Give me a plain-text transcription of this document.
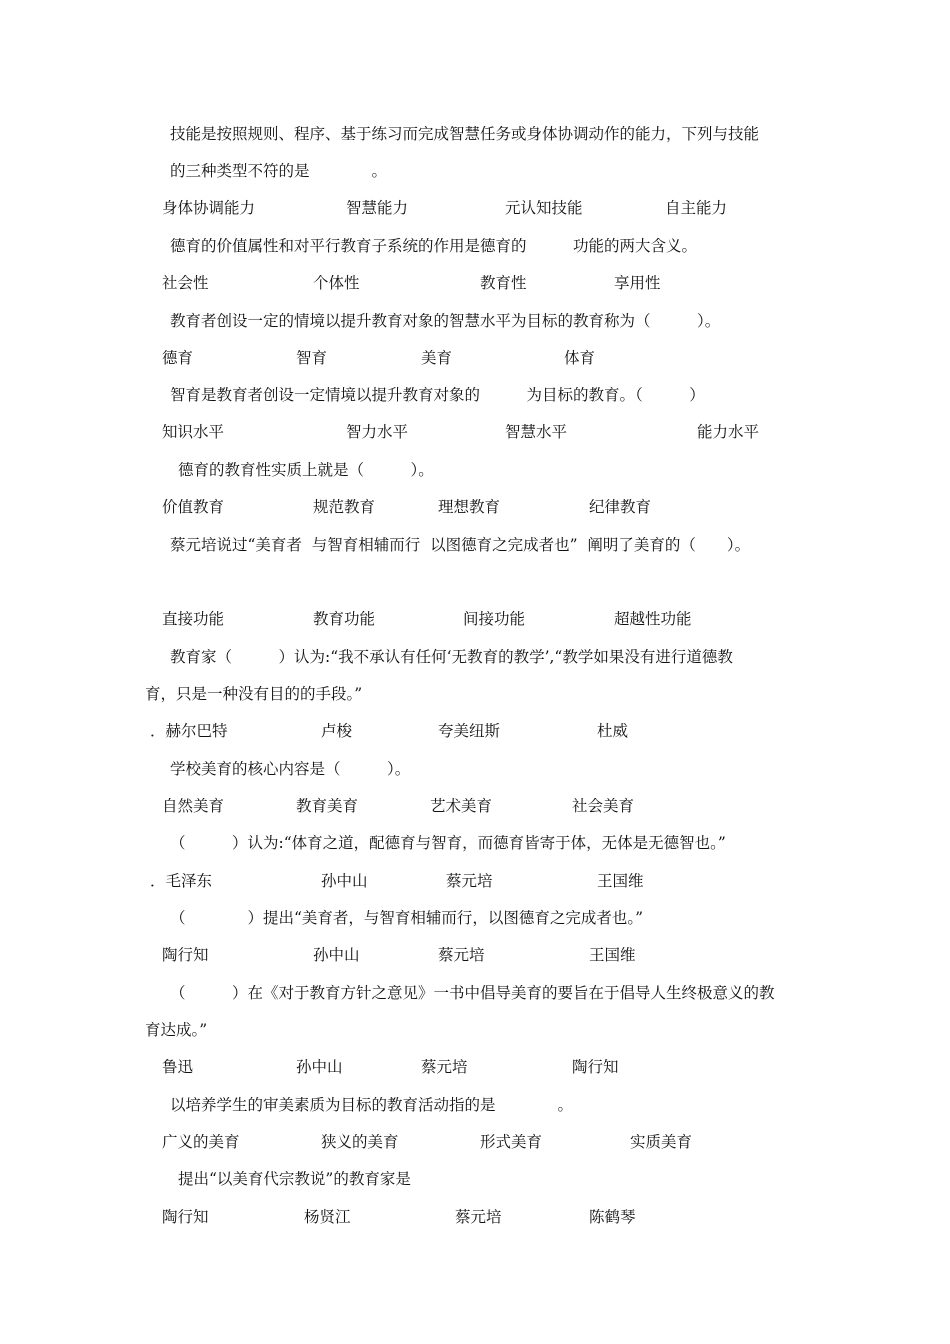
技能是按照规则、程序、基于练习而完成智慧任务或身体协调动作的能力，下列与技能
的三种类型不符的是　　　　。
身体协调能力	智慧能力	元认知技能	自主能力
德育的价值属性和对平行教育子系统的作用是德育的　　　功能的两大含义。
社会性	个体性	教育性	享用性
教育者创设一定的情境以提升教育对象的智慧水平为目标的教育称为（　　　）。
德育	智育	美育	体育
智育是教育者创设一定情境以提升教育对象的　　　为目标的教育。（　　　）
知识水平	智力水平	智慧水平	能力水平
德育的教育性实质上就是（　　　）。
价值教育	规范教育	理想教育	纪律教育
蔡元培说过“美育者  与智育相辅而行  以图德育之完成者也”  阐明了美育的（　　）。
直接功能	教育功能	间接功能	超越性功能
教育家（　　　）认为:“我不承认有任何‘无教育的教学’,“教学如果没有进行道德教
育，只是一种没有目的的手段。”
．赫尔巴特	卢梭	夸美纽斯	杜威
学校美育的核心内容是（　　　）。
自然美育	教育美育	艺术美育	社会美育
（　　　）认为:“体育之道，配德育与智育，而德育皆寄于体，无体是无德智也。”
．毛泽东	孙中山	蔡元培	王国维
（　　　　）提出“美育者，与智育相辅而行，以图德育之完成者也。”
陶行知	孙中山	蔡元培	王国维
（　　　）在《对于教育方针之意见》一书中倡导美育的要旨在于倡导人生终极意义的教
育达成。”
鲁迅	孙中山	蔡元培	陶行知
以培养学生的审美素质为目标的教育活动指的是　　　　。
广义的美育	狭义的美育	形式美育	实质美育
提出“以美育代宗教说”的教育家是
陶行知	杨贤江	蔡元培	陈鹤琴
